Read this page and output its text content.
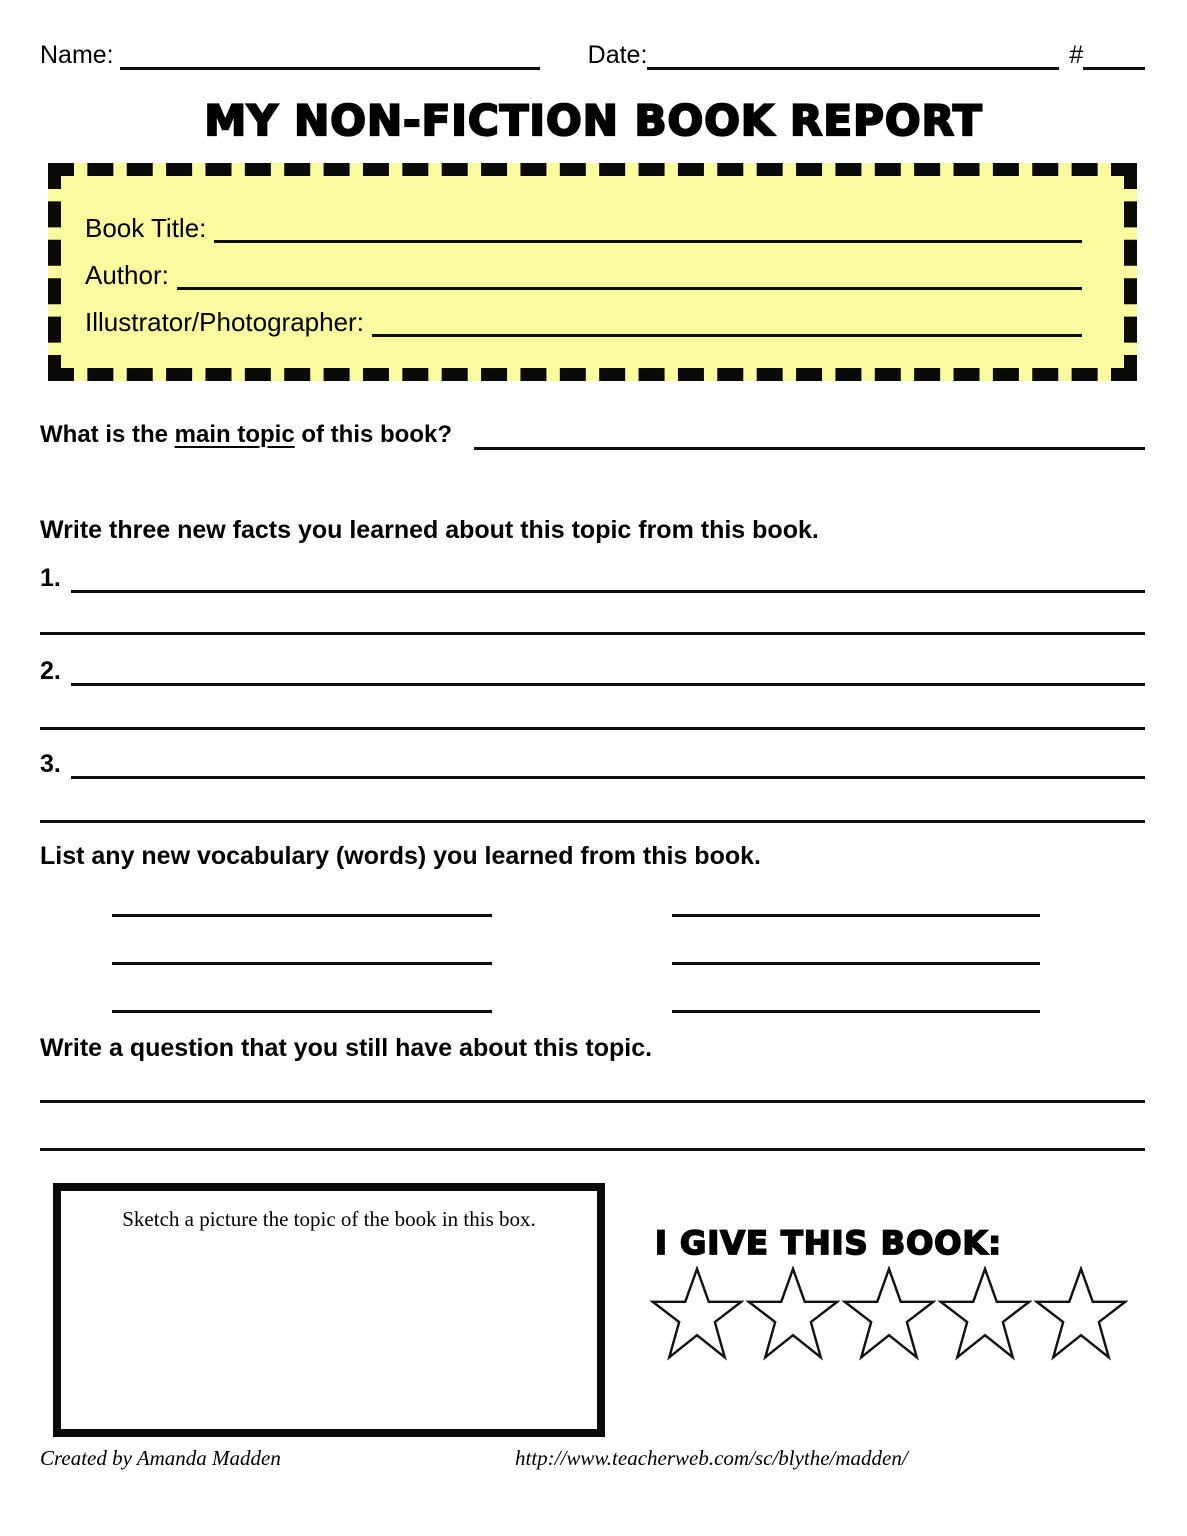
Name:	Date:	#
MY NON-FICTION BOOK REPORT
Book Title:
Author:
Illustrator/Photographer:
What is the main topic of this book?
Write three new facts you learned about this topic from this book.
1.
2.
3.
List any new vocabulary (words) you learned from this book.
Write a question that you still have about this topic.
Sketch a picture the topic of the book in this box.
I GIVE THIS BOOK:
Created by Amanda Madden	http://www.teacherweb.com/sc/blythe/madden/
